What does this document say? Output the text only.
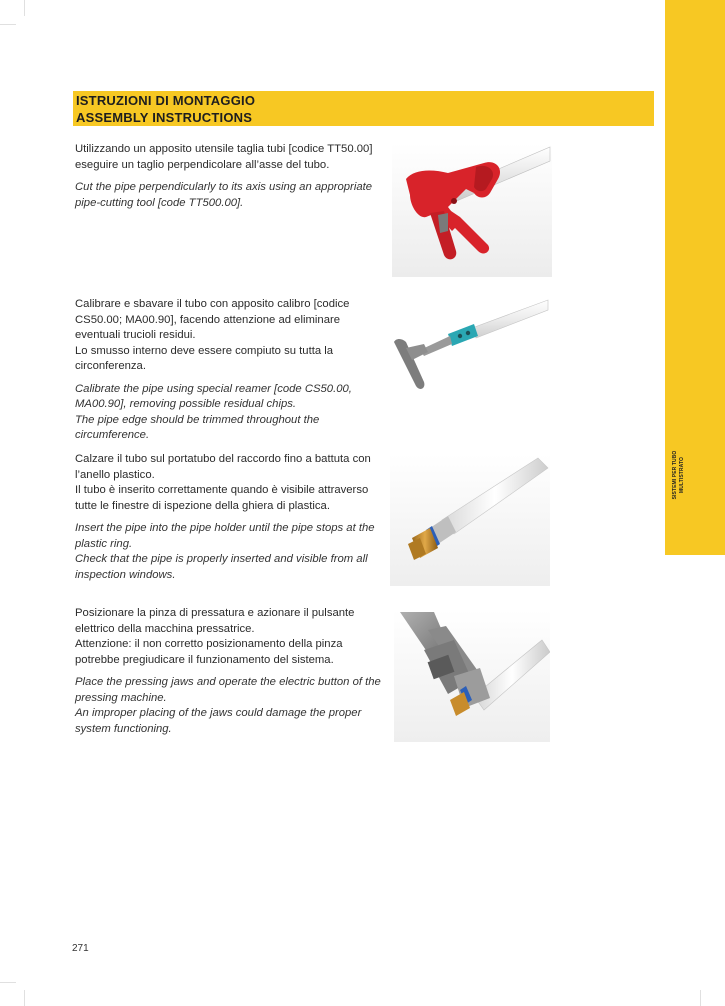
SISTEMI PER TUBO MULTISTRATO
ISTRUZIONI DI MONTAGGIO
ASSEMBLY INSTRUCTIONS

Utilizzando un apposito utensile taglia tubi [codice TT50.00] eseguire un taglio perpendicolare all’asse del tubo.

Cut the pipe perpendicularly to its axis using an appropriate pipe-cutting tool [code TT500.00].

Calibrare e sbavare il tubo con apposito calibro [codice CS50.00; MA00.90], facendo attenzione ad eliminare eventuali trucioli residui.
Lo smusso interno deve essere compiuto su tutta la circonferenza.

Calibrate the pipe using special reamer [code CS50.00, MA00.90], removing possible residual chips.
The pipe edge should be trimmed throughout the circumference.

Calzare il tubo sul portatubo del raccordo fino a battuta con l’anello plastico.
Il tubo è inserito correttamente quando è visibile attraverso tutte le finestre di ispezione della ghiera di plastica.

Insert the pipe into the pipe holder until the pipe stops at the plastic ring.
Check that the pipe is properly inserted and visible from all inspection windows.

Posizionare la pinza di pressatura e azionare il pulsante elettrico della macchina pressatrice.
Attenzione: il non corretto posizionamento della pinza potrebbe pregiudicare il funzionamento del sistema.

Place the pressing jaws and operate the electric button of the pressing machine.
An improper placing of the jaws could damage the proper system functioning.

271
